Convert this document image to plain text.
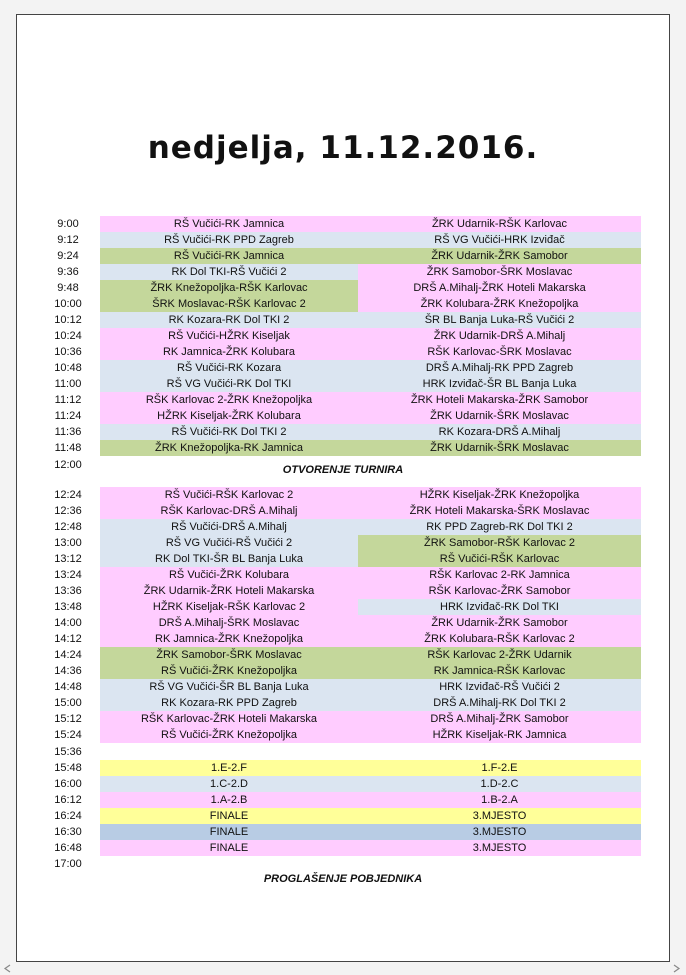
nedjelja, 11.12.2016.
9:00	RŠ Vučići-RK Jamnica	ŽRK Udarnik-RŠK Karlovac
9:12	RŠ Vučići-RK PPD Zagreb	RŠ VG Vučići-HRK Izviđač
9:24	RŠ Vučići-RK Jamnica	ŽRK Udarnik-ŽRK Samobor
9:36	RK Dol TKI-RŠ Vučići 2	ŽRK Samobor-ŠRK Moslavac
9:48	ŽRK Knežopoljka-RŠK Karlovac	DRŠ A.Mihalj-ŽRK Hoteli Makarska
10:00	ŠRK Moslavac-RŠK Karlovac 2	ŽRK Kolubara-ŽRK Knežopoljka
10:12	RK Kozara-RK Dol TKI 2	ŠR BL Banja Luka-RŠ Vučići 2
10:24	RŠ Vučići-HŽRK Kiseljak	ŽRK Udarnik-DRŠ A.Mihalj
10:36	RK Jamnica-ŽRK Kolubara	RŠK Karlovac-ŠRK Moslavac
10:48	RŠ Vučići-RK Kozara	DRŠ A.Mihalj-RK PPD Zagreb
11:00	RŠ VG Vučići-RK Dol TKI	HRK Izviđač-ŠR BL Banja Luka
11:12	RŠK Karlovac 2-ŽRK Knežopoljka	ŽRK Hoteli Makarska-ŽRK Samobor
11:24	HŽRK Kiseljak-ŽRK Kolubara	ŽRK Udarnik-ŠRK Moslavac
11:36	RŠ Vučići-RK Dol TKI 2	RK Kozara-DRŠ A.Mihalj
11:48	ŽRK Knežopoljka-RK Jamnica	ŽRK Udarnik-ŠRK Moslavac
12:00
12:24	RŠ Vučići-RŠK Karlovac 2	HŽRK Kiseljak-ŽRK Knežopoljka
12:36	RŠK Karlovac-DRŠ A.Mihalj	ŽRK Hoteli Makarska-ŠRK Moslavac
12:48	RŠ Vučići-DRŠ A.Mihalj	RK PPD Zagreb-RK Dol TKI 2
13:00	RŠ VG Vučići-RŠ Vučići 2	ŽRK Samobor-RŠK Karlovac 2
13:12	RK Dol TKI-ŠR BL Banja Luka	RŠ Vučići-RŠK Karlovac
13:24	RŠ Vučići-ŽRK Kolubara	RŠK Karlovac 2-RK Jamnica
13:36	ŽRK Udarnik-ŽRK Hoteli Makarska	RŠK Karlovac-ŽRK Samobor
13:48	HŽRK Kiseljak-RŠK Karlovac 2	HRK Izviđač-RK Dol TKI
14:00	DRŠ A.Mihalj-ŠRK Moslavac	ŽRK Udarnik-ŽRK Samobor
14:12	RK Jamnica-ŽRK Knežopoljka	ŽRK Kolubara-RŠK Karlovac 2
14:24	ŽRK Samobor-ŠRK Moslavac	RŠK Karlovac 2-ŽRK Udarnik
14:36	RŠ Vučići-ŽRK Knežopoljka	RK Jamnica-RŠK Karlovac
14:48	RŠ VG Vučići-ŠR BL Banja Luka	HRK Izviđač-RŠ Vučići 2
15:00	RK Kozara-RK PPD Zagreb	DRŠ A.Mihalj-RK Dol TKI 2
15:12	RŠK Karlovac-ŽRK Hoteli Makarska	DRŠ A.Mihalj-ŽRK Samobor
15:24	RŠ Vučići-ŽRK Knežopoljka	HŽRK Kiseljak-RK Jamnica
15:36
15:48	1.E-2.F	1.F-2.E
16:00	1.C-2.D	1.D-2.C
16:12	1.A-2.B	1.B-2.A
16:24	FINALE	3.MJESTO
16:30	FINALE	3.MJESTO
16:48	FINALE	3.MJESTO
17:00
OTVORENJE TURNIRA
PROGLAŠENJE POBJEDNIKA
